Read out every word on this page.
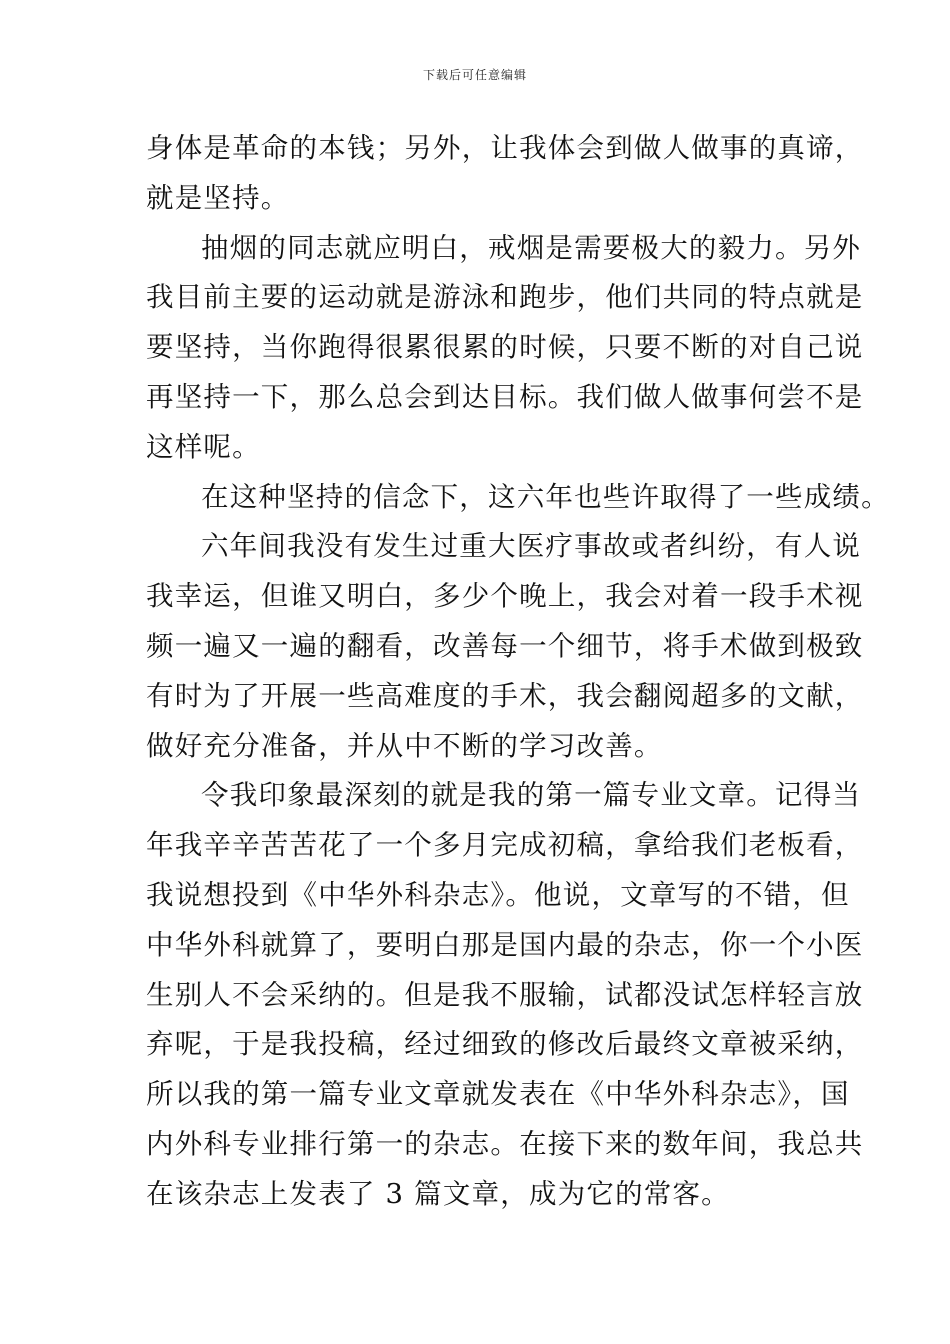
下载后可任意编辑
身体是革命的本钱；另外，让我体会到做人做事的真谛，
就是坚持。
抽烟的同志就应明白，戒烟是需要极大的毅力。另外
我目前主要的运动就是游泳和跑步，他们共同的特点就是
要坚持，当你跑得很累很累的时候，只要不断的对自己说
再坚持一下，那么总会到达目标。我们做人做事何尝不是
这样呢。
在这种坚持的信念下，这六年也些许取得了一些成绩。
六年间我没有发生过重大医疗事故或者纠纷，有人说
我幸运，但谁又明白，多少个晚上，我会对着一段手术视
频一遍又一遍的翻看，改善每一个细节，将手术做到极致
有时为了开展一些高难度的手术，我会翻阅超多的文献，
做好充分准备，并从中不断的学习改善。
令我印象最深刻的就是我的第一篇专业文章。记得当
年我辛辛苦苦花了一个多月完成初稿，拿给我们老板看，
我说想投到《中华外科杂志》。他说，文章写的不错，但
中华外科就算了，要明白那是国内最的杂志，你一个小医
生别人不会采纳的。但是我不服输，试都没试怎样轻言放
弃呢，于是我投稿，经过细致的修改后最终文章被采纳，
所以我的第一篇专业文章就发表在《中华外科杂志》，国
内外科专业排行第一的杂志。在接下来的数年间，我总共
在该杂志上发表了 3 篇文章，成为它的常客。
